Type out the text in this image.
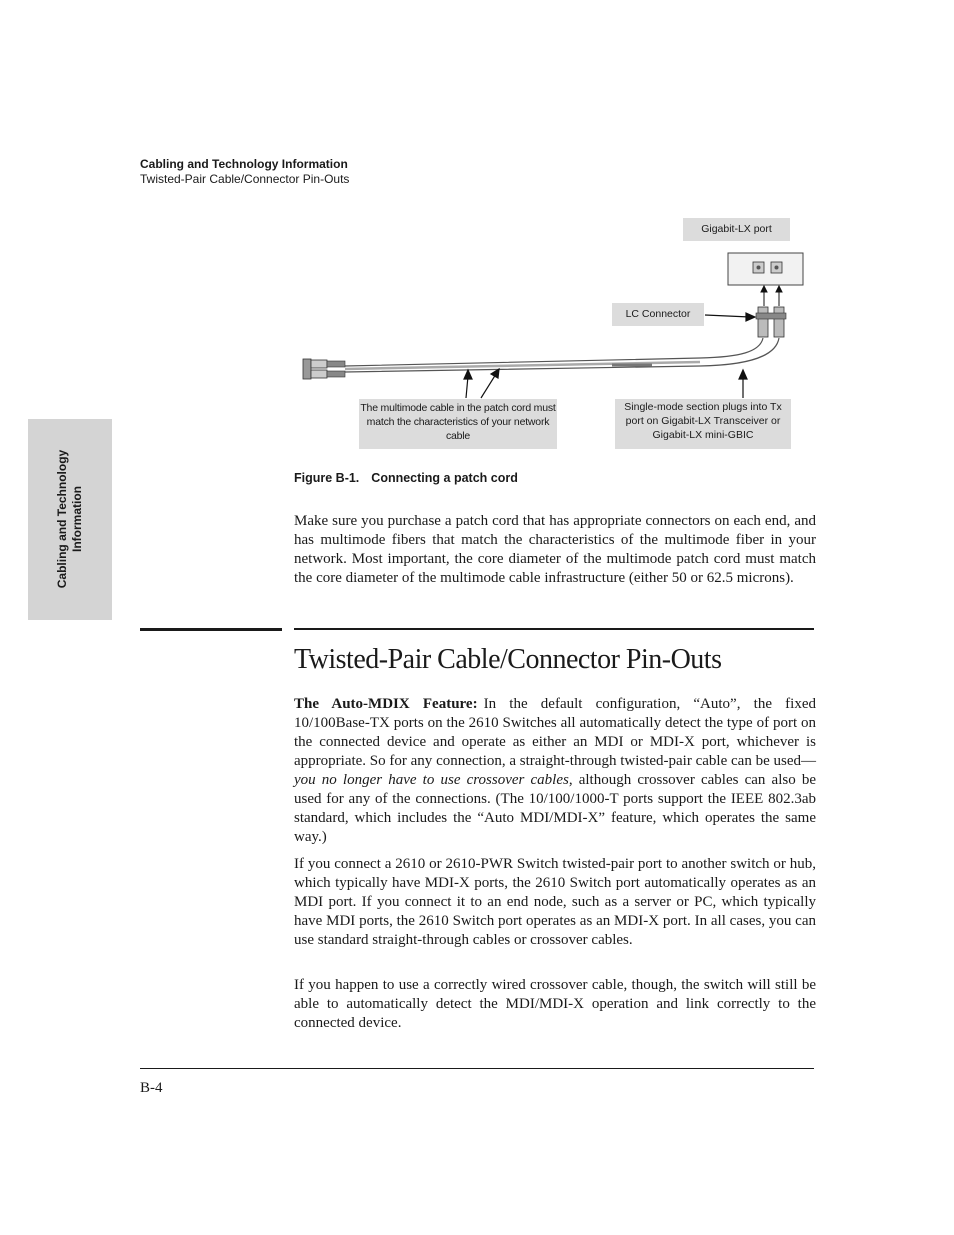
Cabling and Technology Information
Twisted-Pair Cable/Connector Pin-Outs
Cabling and Technology Information
Gigabit-LX port
LC Connector
The multimode cable in the patch cord must match the characteristics of your network cable
Single-mode section plugs into Tx port on Gigabit-LX Transceiver or Gigabit-LX mini-GBIC
Figure B-1. Connecting a patch cord
Make sure you purchase a patch cord that has appropriate connectors on each end, and has multimode fibers that match the characteristics of the multimode fiber in your network. Most important, the core diameter of the multimode patch cord must match the core diameter of the multimode cable infrastructure (either 50 or 62.5 microns).
Twisted-Pair Cable/Connector Pin-Outs
The Auto-MDIX Feature: In the default configuration, “Auto”, the fixed 10/100Base-TX ports on the 2610 Switches all automatically detect the type of port on the connected device and operate as either an MDI or MDI-X port, whichever is appropriate. So for any connection, a straight-through twisted-pair cable can be used—you no longer have to use crossover cables, although crossover cables can also be used for any of the connections. (The 10/100/1000-T ports support the IEEE 802.3ab standard, which includes the “Auto MDI/MDI-X” feature, which operates the same way.)
If you connect a 2610 or 2610-PWR Switch twisted-pair port to another switch or hub, which typically have MDI-X ports, the 2610 Switch port automatically operates as an MDI port. If you connect it to an end node, such as a server or PC, which typically have MDI ports, the 2610 Switch port operates as an MDI-X port. In all cases, you can use standard straight-through cables or crossover cables.
If you happen to use a correctly wired crossover cable, though, the switch will still be able to automatically detect the MDI/MDI-X operation and link correctly to the connected device.
B-4
